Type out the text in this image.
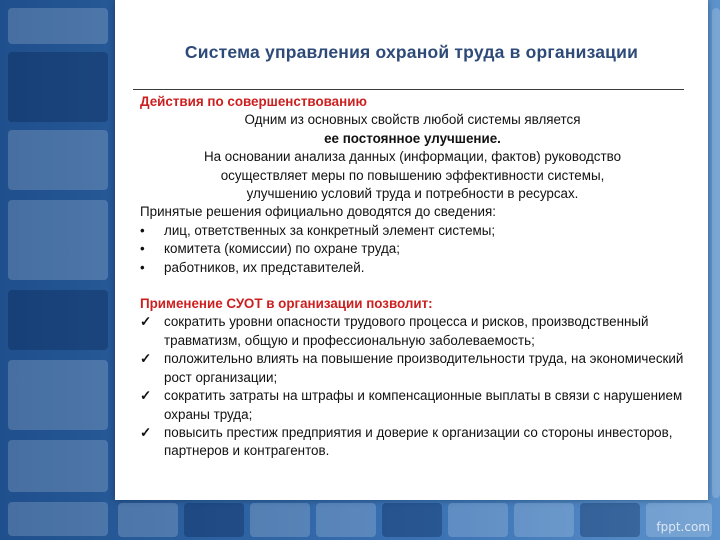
Система управления охраной труда в организации
Действия по совершенствованию
Одним из основных свойств любой системы является
ее постоянное улучшение.
На основании анализа данных (информации, фактов) руководство
осуществляет меры по повышению эффективности системы,
улучшению условий труда и потребности в ресурсах.
Принятые решения официально доводятся до сведения:
•	лиц, ответственных за конкретный элемент системы;
•	комитета (комиссии) по охране труда;
•	работников, их представителей.
Применение СУОТ в организации позволит:
✓ сократить уровни опасности трудового процесса и рисков, производственный травматизм, общую и профессиональную заболеваемость;
✓ положительно влиять на повышение производительности труда, на экономический рост организации;
✓ сократить затраты на штрафы и компенсационные выплаты в связи с нарушением охраны труда;
✓ повысить престиж предприятия и доверие к организации со стороны инвесторов, партнеров и контрагентов.
fppt.com
